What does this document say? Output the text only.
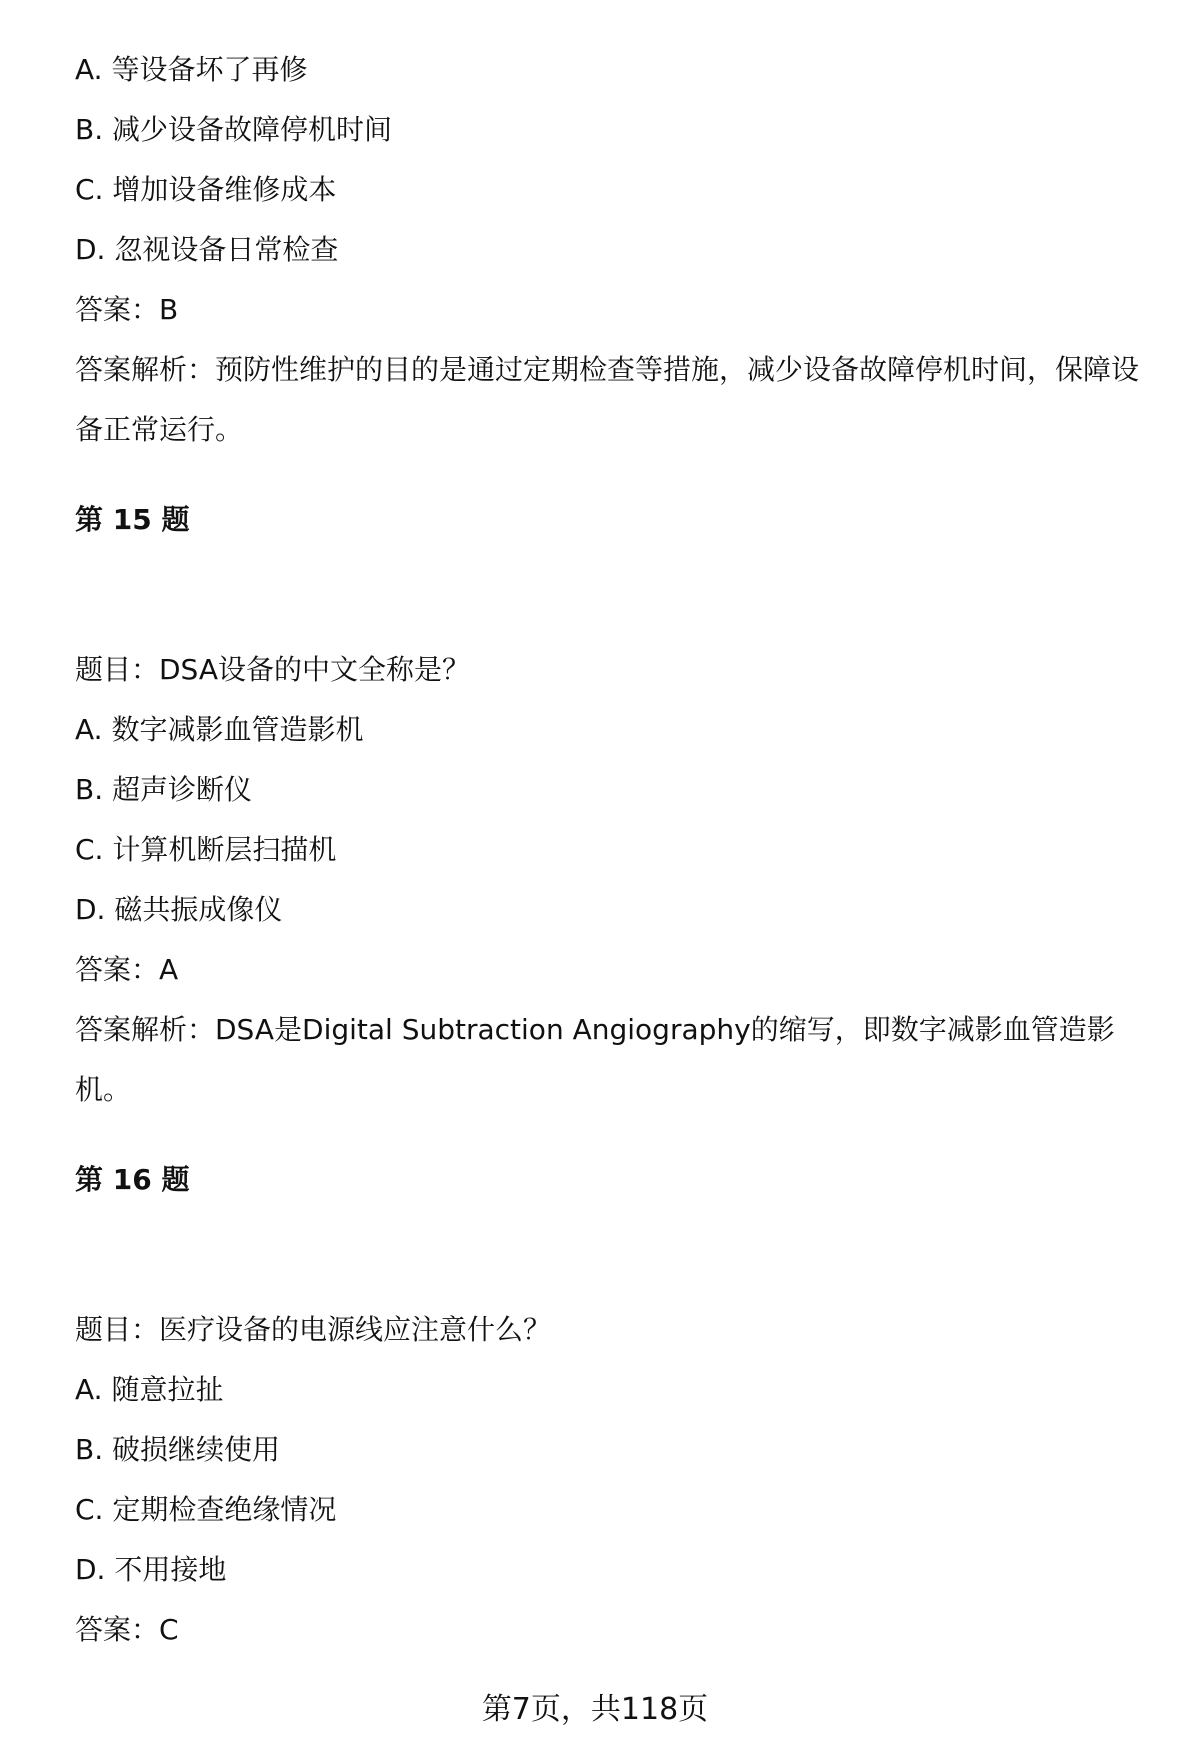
A. 等设备坏了再修
B. 减少设备故障停机时间
C. 增加设备维修成本
D. 忽视设备日常检查
答案：B

答案解析：预防性维护的目的是通过定期检查等措施，减少设备故障停机时间，保障设备正常运行。

第 15 题
题目：DSA设备的中文全称是？
A. 数字减影血管造影机
B. 超声诊断仪
C. 计算机断层扫描机
D. 磁共振成像仪
答案：A

答案解析：DSA是Digital Subtraction Angiography的缩写，即数字减影血管造影机。

第 16 题
题目：医疗设备的电源线应注意什么？
A. 随意拉扯
B. 破损继续使用
C. 定期检查绝缘情况
D. 不用接地
答案：C
第7页，共118页
